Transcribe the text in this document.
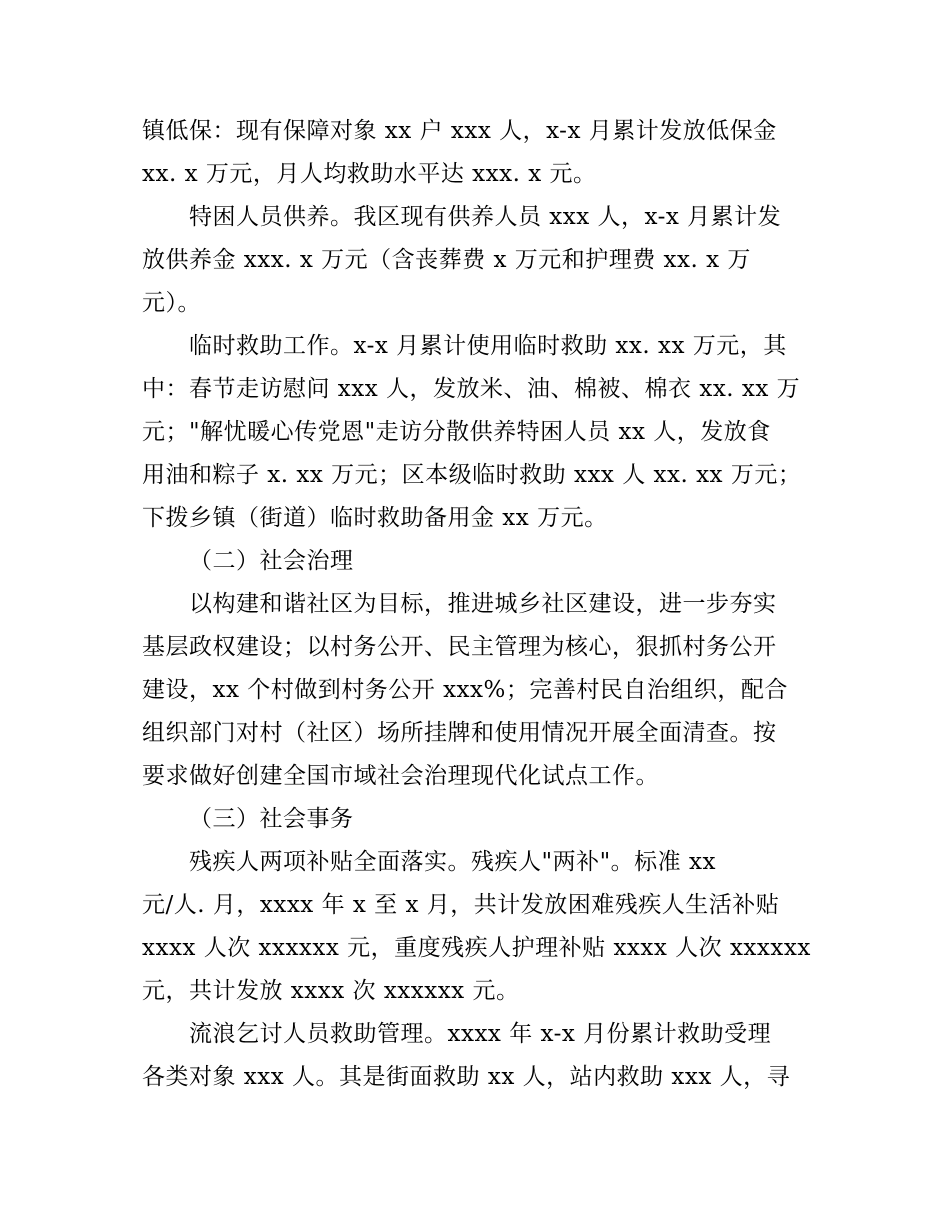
镇低保：现有保障对象 xx 户 xxx 人，x-x 月累计发放低保金
xx. x 万元，月人均救助水平达 xxx. x 元。
特困人员供养。我区现有供养人员 xxx 人，x-x 月累计发
放供养金 xxx. x 万元（含丧葬费 x 万元和护理费 xx. x 万
元）。
临时救助工作。x-x 月累计使用临时救助 xx. xx 万元，其
中：春节走访慰问 xxx 人，发放米、油、棉被、棉衣 xx. xx 万
元；"解忧暖心传党恩"走访分散供养特困人员 xx 人，发放食
用油和粽子 x. xx 万元；区本级临时救助 xxx 人 xx. xx 万元；
下拨乡镇（街道）临时救助备用金 xx 万元。
（二）社会治理
以构建和谐社区为目标，推进城乡社区建设，进一步夯实
基层政权建设；以村务公开、民主管理为核心，狠抓村务公开
建设，xx 个村做到村务公开 xxx%；完善村民自治组织，配合
组织部门对村（社区）场所挂牌和使用情况开展全面清查。按
要求做好创建全国市域社会治理现代化试点工作。
（三）社会事务
残疾人两项补贴全面落实。残疾人"两补"。标准 xx
元/人. 月，xxxx 年 x 至 x 月，共计发放困难残疾人生活补贴
xxxx 人次 xxxxxx 元，重度残疾人护理补贴 xxxx 人次 xxxxxx
元，共计发放 xxxx 次 xxxxxx 元。
流浪乞讨人员救助管理。xxxx 年 x-x 月份累计救助受理
各类对象 xxx 人。其是街面救助 xx 人，站内救助 xxx 人，寻
